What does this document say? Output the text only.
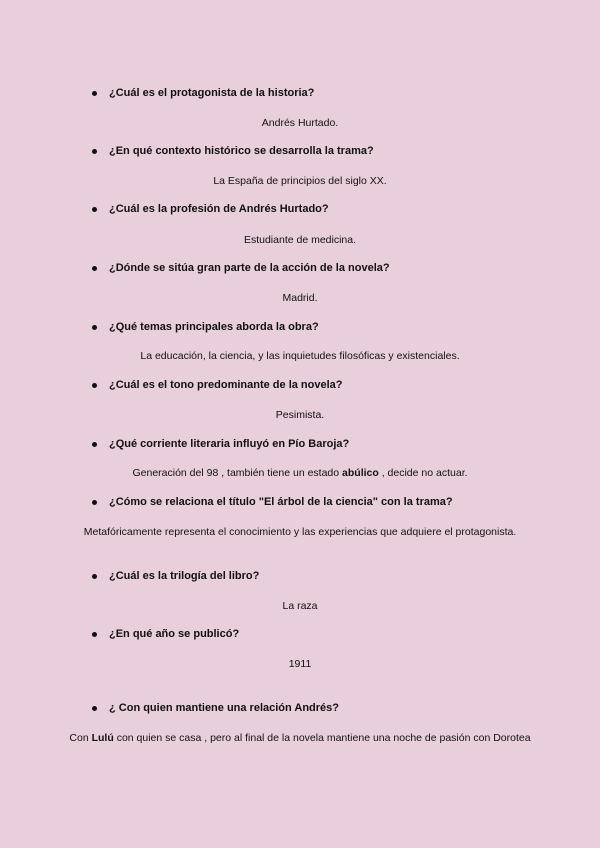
¿Cuál es el protagonista de la historia?
Andrés Hurtado.
¿En qué contexto histórico se desarrolla la trama?
La España de principios del siglo XX.
¿Cuál es la profesión de Andrés Hurtado?
Estudiante de medicina.
¿Dónde se sitúa gran parte de la acción de la novela?
Madrid.
¿Qué temas principales aborda la obra?
La educación, la ciencia, y las inquietudes filosóficas y existenciales.
¿Cuál es el tono predominante de la novela?
Pesimista.
¿Qué corriente literaria influyó en Pío Baroja?
Generación del 98 , también tiene un estado abúlico , decide no actuar.
¿Cómo se relaciona el título "El árbol de la ciencia" con la trama?
Metafóricamente representa el conocimiento y las experiencias que adquiere el protagonista.
¿Cuál es la trilogía del libro?
La raza
¿En qué año se publicó?
1911
¿ Con quien mantiene una relación Andrés?
Con Lulú con quien se casa , pero al final de la novela mantiene una noche de pasión con Dorotea
